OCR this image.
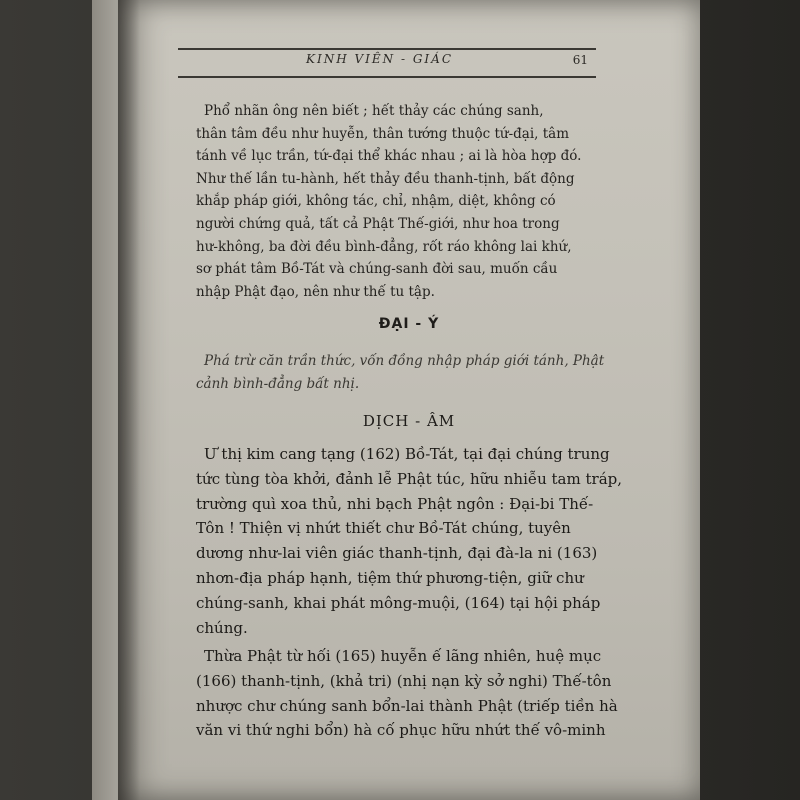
KINH VIÊN - GIÁC	61
Phổ nhãn ông nên biết ; hết thảy các chúng sanh,
thân tâm đều như huyễn, thân tướng thuộc tứ-đại, tâm
tánh về lục trần, tứ-đại thể khác nhau ; ai là hòa hợp đó.
Như thế lần tu-hành, hết thảy đều thanh-tịnh, bất động
khắp pháp giới, không tác, chỉ, nhậm, diệt, không có
người chứng quả, tất cả Phật Thế-giới, như hoa trong
hư-không, ba đời đều bình-đẳng, rốt ráo không lai khứ,
sơ phát tâm Bồ-Tát và chúng-sanh đời sau, muốn cầu
nhập Phật đạo, nên như thế tu tập.
ĐẠI - Ý
Phá trừ căn trần thức, vốn đồng nhập pháp giới tánh, Phật
cảnh bình-đẳng bất nhị.
DỊCH - ÂM
Ư thị kim cang tạng (162) Bồ-Tát, tại đại chúng trung
tức tùng tòa khởi, đảnh lễ Phật túc, hữu nhiễu tam tráp,
trường quì xoa thủ, nhi bạch Phật ngôn : Đại-bi Thế-
Tôn ! Thiện vị nhứt thiết chư Bồ-Tát chúng, tuyên
dương như-lai viên giác thanh-tịnh, đại đà-la ni (163)
nhơn-địa pháp hạnh, tiệm thứ phương-tiện, giữ chư
chúng-sanh, khai phát mông-muội, (164) tại hội pháp
chúng.
Thừa Phật từ hối (165) huyễn ế lãng nhiên, huệ mục
(166) thanh-tịnh, (khả tri) (nhị nạn kỳ sở nghi) Thế-tôn
nhược chư chúng sanh bổn-lai thành Phật (triếp tiền hà
văn vi thứ nghi bổn) hà cố phục hữu nhứt thế vô-minh
